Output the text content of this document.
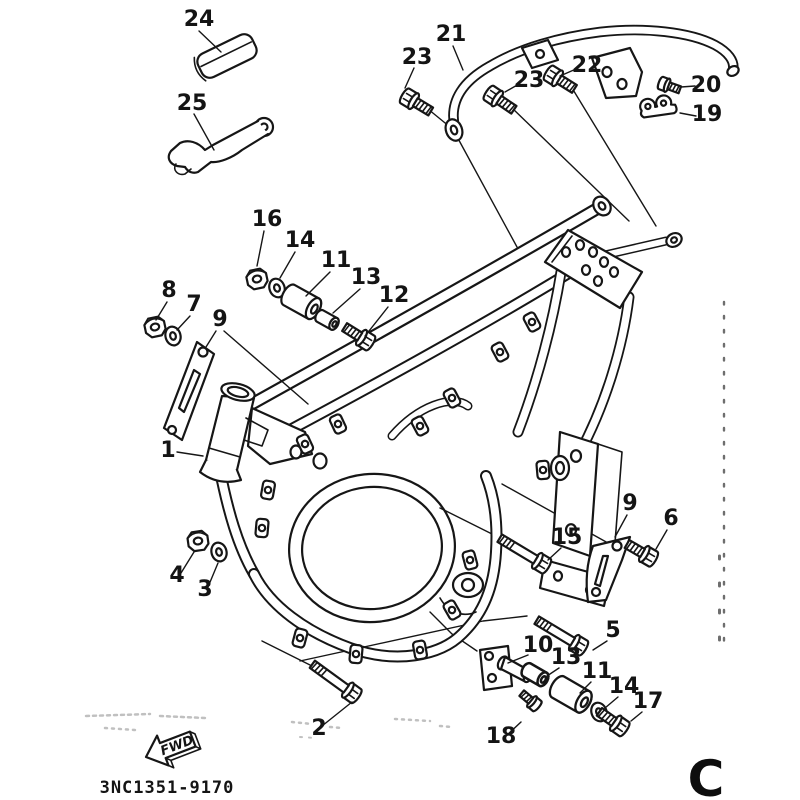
FWD
24
25
21
23	22
23	20
19
16
14
11
13
12
8
7
9
1
4
3
15
9
6
5
10
13
11
14
17
18
2
3NC1351-9170	C
